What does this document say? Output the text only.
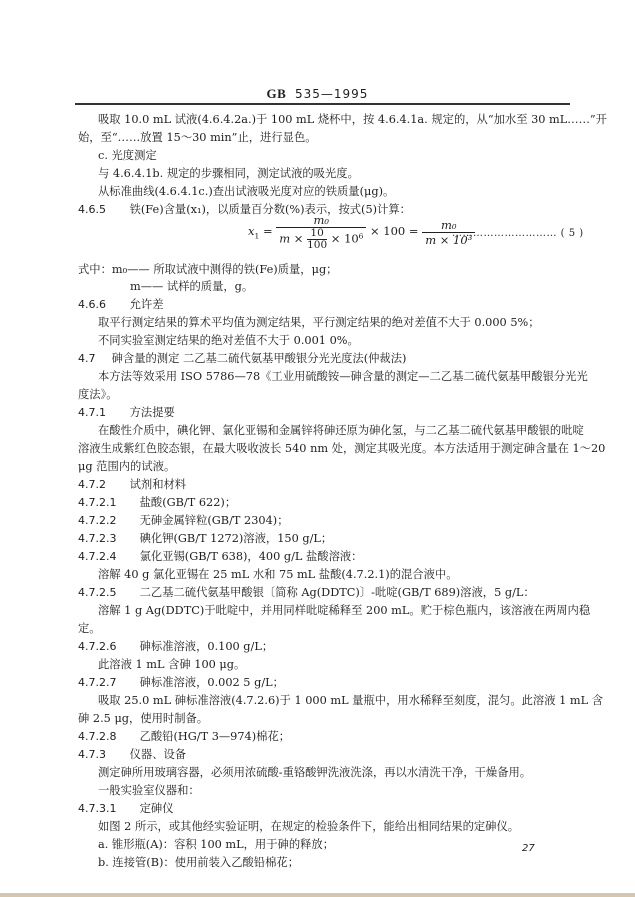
GB 535—1995
吸取 10.0 mL 试液(4.6.4.2a.)于 100 mL 烧杯中，按 4.6.4.1a. 规定的，从“加水至 30 mL……”开
始，至“……放置 15～30 min”止，进行显色。
c. 光度测定
与 4.6.4.1b. 规定的步骤相同，测定试液的吸光度。
从标准曲线(4.6.4.1c.)查出试液吸光度对应的铁质量(μg)。
4.6.5 铁(Fe)含量(x₁)，以质量百分数(%)表示，按式(5)计算：
$x_1$ =
m₀
$m \times \frac{10}{100} \times 10^6$
× $100 = \frac{\text{m₀}}{\text{m × 10³}}$
………………………… ( 5 )
式中：m₀—— 所取试液中测得的铁(Fe)质量，μg；
m—— 试样的质量，g。
4.6.6 允许差
取平行测定结果的算术平均值为测定结果，平行测定结果的绝对差值不大于 0.000 5%；
不同实验室测定结果的绝对差值不大于 0.001 0%。
4.7 砷含量的测定 二乙基二硫代氨基甲酸银分光光度法(仲裁法)
本方法等效采用 ISO 5786—78《工业用硫酸铵—砷含量的测定—二乙基二硫代氨基甲酸银分光光
度法》。
4.7.1 方法提要
在酸性介质中，碘化钾、氯化亚锡和金属锌将砷还原为砷化氢，与二乙基二硫代氨基甲酸银的吡啶
溶液生成紫红色胶态银，在最大吸收波长 540 nm 处，测定其吸光度。本方法适用于测定砷含量在 1～20
μg 范围内的试液。
4.7.2 试剂和材料
4.7.2.1 盐酸(GB/T 622)；
4.7.2.2 无砷金属锌粒(GB/T 2304)；
4.7.2.3 碘化钾(GB/T 1272)溶液，150 g/L；
4.7.2.4 氯化亚锡(GB/T 638)，400 g/L 盐酸溶液：
溶解 40 g 氯化亚锡在 25 mL 水和 75 mL 盐酸(4.7.2.1)的混合液中。
4.7.2.5 二乙基二硫代氨基甲酸银〔简称 Ag(DDTC)〕-吡啶(GB/T 689)溶液，5 g/L：
溶解 1 g Ag(DDTC)于吡啶中，并用同样吡啶稀释至 200 mL。贮于棕色瓶内，该溶液在两周内稳
定。
4.7.2.6 砷标准溶液，0.100 g/L；
此溶液 1 mL 含砷 100 μg。
4.7.2.7 砷标准溶液，0.002 5 g/L；
吸取 25.0 mL 砷标准溶液(4.7.2.6)于 1 000 mL 量瓶中，用水稀释至刻度，混匀。此溶液 1 mL 含
砷 2.5 μg，使用时制备。
4.7.2.8 乙酸铅(HG/T 3—974)棉花；
4.7.3 仪器、设备
测定砷所用玻璃容器，必须用浓硫酸-重铬酸钾洗液洗涤，再以水清洗干净，干燥备用。
一般实验室仪器和：
4.7.3.1 定砷仪
如图 2 所示，或其他经实验证明，在规定的检验条件下，能给出相同结果的定砷仪。
a. 锥形瓶(A)：容积 100 mL，用于砷的释放；
b. 连接管(B)：使用前装入乙酸铅棉花；
27
